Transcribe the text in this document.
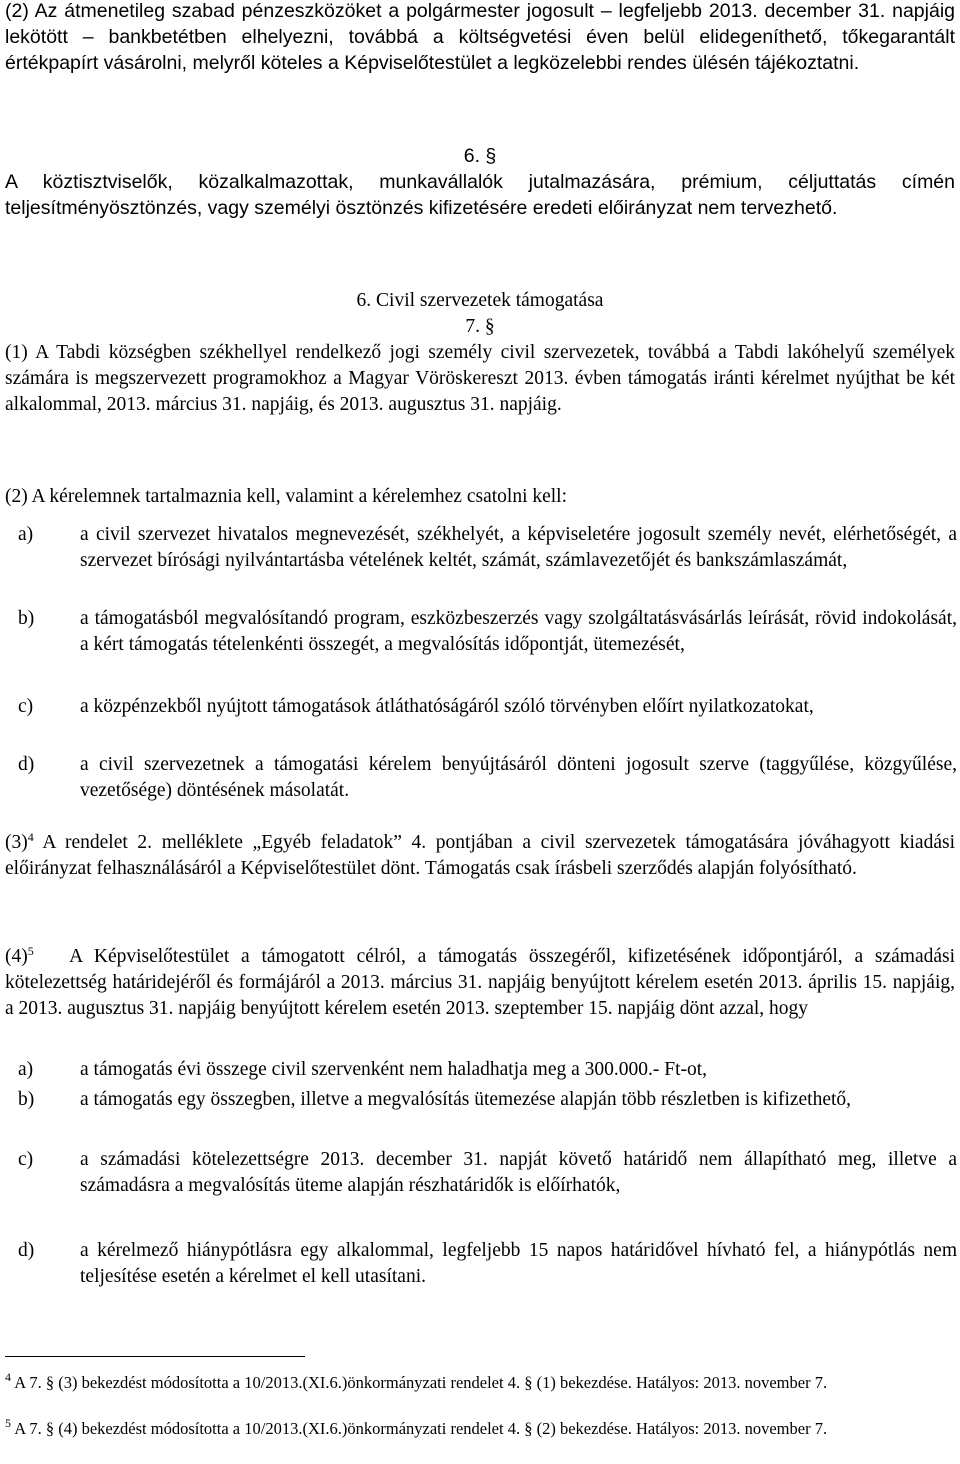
(2) Az átmenetileg szabad pénzeszközöket a polgármester jogosult – legfeljebb 2013. december 31. napjáig lekötött – bankbetétben elhelyezni, továbbá a költségvetési éven belül elidegeníthető, tőkegarantált értékpapírt vásárolni, melyről köteles a Képviselőtestület a legközelebbi rendes ülésén tájékoztatni.

6. §

A köztisztviselők, közalkalmazottak, munkavállalók jutalmazására, prémium, céljuttatás címén teljesítményösztönzés, vagy személyi ösztönzés kifizetésére eredeti előirányzat nem tervezhető.

6. Civil szervezetek támogatása
7. §

(1) A Tabdi községben székhellyel rendelkező jogi személy civil szervezetek, továbbá a Tabdi lakóhelyű személyek számára is megszervezett programokhoz a Magyar Vöröskereszt 2013. évben támogatás iránti kérelmet nyújthat be két alkalommal, 2013. március 31. napjáig, és 2013. augusztus 31. napjáig.

(2) A kérelemnek tartalmaznia kell, valamint a kérelemhez csatolni kell:

a) a civil szervezet hivatalos megnevezését, székhelyét, a képviseletére jogosult személy nevét, elérhetőségét, a szervezet bírósági nyilvántartásba vételének keltét, számát, számlavezetőjét és bankszámlaszámát,
b) a támogatásból megvalósítandó program, eszközbeszerzés vagy szolgáltatásvásárlás leírását, rövid indokolását, a kért támogatás tételenkénti összegét, a megvalósítás időpontját, ütemezését,
c) a közpénzekből nyújtott támogatások átláthatóságáról szóló törvényben előírt nyilatkozatokat,
d) a civil szervezetnek a támogatási kérelem benyújtásáról dönteni jogosult szerve (taggyűlése, közgyűlése, vezetősége) döntésének másolatát.

$(3)^4$ A rendelet 2. melléklete „Egyéb feladatok” 4. pontjában a civil szervezetek támogatására jóváhagyott kiadási előirányzat felhasználásáról a Képviselőtestület dönt. Támogatás csak írásbeli szerződés alapján folyósítható.

$(4)^5$ A Képviselőtestület a támogatott célról, a támogatás összegéről, kifizetésének időpontjáról, a számadási kötelezettség határidejéről és formájáról a 2013. március 31. napjáig benyújtott kérelem esetén 2013. április 15. napjáig, a 2013. augusztus 31. napjáig benyújtott kérelem esetén 2013. szeptember 15. napjáig dönt azzal, hogy

a) a támogatás évi összege civil szervenként nem haladhatja meg a 300.000.- Ft-ot,
b) a támogatás egy összegben, illetve a megvalósítás ütemezése alapján több részletben is kifizethető,
c) a számadási kötelezettségre 2013. december 31. napját követő határidő nem állapítható meg, illetve a számadásra a megvalósítás üteme alapján részhatáridők is előírhatók,
d) a kérelmező hiánypótlásra egy alkalommal, legfeljebb 15 napos határidővel hívható fel, a hiánypótlás nem teljesítése esetén a kérelmet el kell utasítani.
$^4$ A 7. § (3) bekezdést módosította a 10/2013.(XI.6.)önkormányzati rendelet 4. § (1) bekezdése. Hatályos: 2013. november 7.
$^5$ A 7. § (4) bekezdést módosította a 10/2013.(XI.6.)önkormányzati rendelet 4. § (2) bekezdése. Hatályos: 2013. november 7.
